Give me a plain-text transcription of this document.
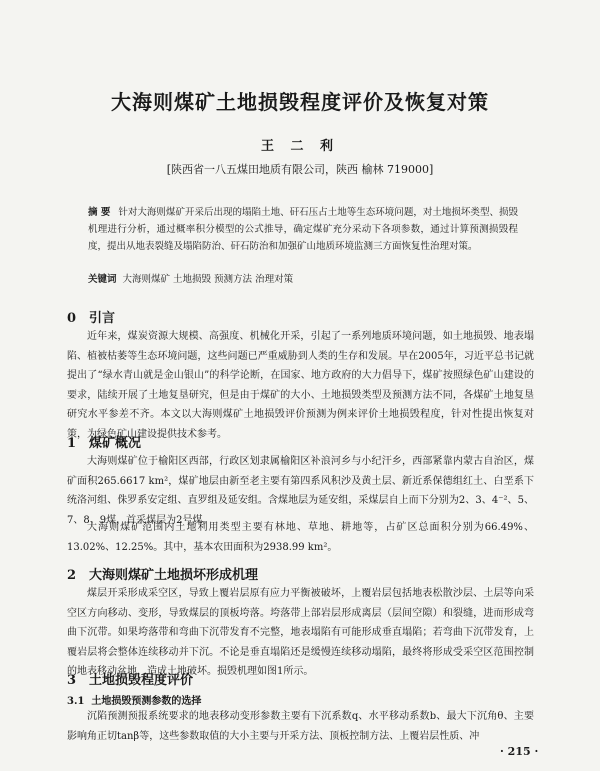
大海则煤矿土地损毁程度评价及恢复对策
王 二 利
[陕西省一八五煤田地质有限公司，陕西 榆林 719000]
摘 要 针对大海则煤矿开采后出现的塌陷土地、矸石压占土地等生态环境问题，对土地损坏类型、损毁机理进行分析，通过概率积分模型的公式推导，确定煤矿充分采动下各项参数，通过计算预测损毁程度，提出从地表裂缝及塌陷防治、矸石防治和加强矿山地质环境监测三方面恢复性治理对策。
关键词 大海则煤矿 土地损毁 预测方法 治理对策
0 引言
近年来，煤炭资源大规模、高强度、机械化开采，引起了一系列地质环境问题，如土地损毁、地表塌陷、植被枯萎等生态环境问题，这些问题已严重威胁到人类的生存和发展。早在2005年，习近平总书记就提出了“绿水青山就是金山银山”的科学论断，在国家、地方政府的大力倡导下，煤矿按照绿色矿山建设的要求，陆续开展了土地复垦研究，但是由于煤矿的大小、土地损毁类型及预测方法不同，各煤矿土地复垦研究水平参差不齐。本文以大海则煤矿土地损毁评价预测为例来评价土地损毁程度，针对性提出恢复对策，为绿色矿山建设提供技术参考。
1 煤矿概况
大海则煤矿位于榆阳区西部，行政区划隶属榆阳区补浪河乡与小纪汗乡，西部紧靠内蒙古自治区，煤矿面积265.6617 km²，煤矿地层由新至老主要有第四系风积沙及黄土层、新近系保德组红土、白垩系下统洛河组、侏罗系安定组、直罗组及延安组。含煤地层为延安组，采煤层自上而下分别为2、3、4⁻²、5、7、8、9煤，首采煤层为2号煤。
大海则煤矿范围内土地利用类型主要有林地、草地、耕地等，占矿区总面积分别为66.49%、13.02%、12.25%。其中，基本农田面积为2938.99 km²。
2 大海则煤矿土地损坏形成机理
煤层开采形成采空区，导致上覆岩层原有应力平衡被破坏，上覆岩层包括地表松散沙层、土层等向采空区方向移动、变形，导致煤层的顶板垮落。垮落带上部岩层形成离层（层间空隙）和裂缝，进而形成弯曲下沉带。如果垮落带和弯曲下沉带发育不完整，地表塌陷有可能形成垂直塌陷；若弯曲下沉带发育，上覆岩层将会整体连续移动并下沉。不论是垂直塌陷还是缓慢连续移动塌陷，最终将形成受采空区范围控制的地表移动盆地，造成土地破坏。损毁机理如图1所示。
3 土地损毁程度评价
3.1 土地损毁预测参数的选择
沉陷预测预报系统要求的地表移动变形参数主要有下沉系数q、水平移动系数b、最大下沉角θ、主要影响角正切tanβ等，这些参数取值的大小主要与开采方法、顶板控制方法、上覆岩层性质、冲
· 215 ·
